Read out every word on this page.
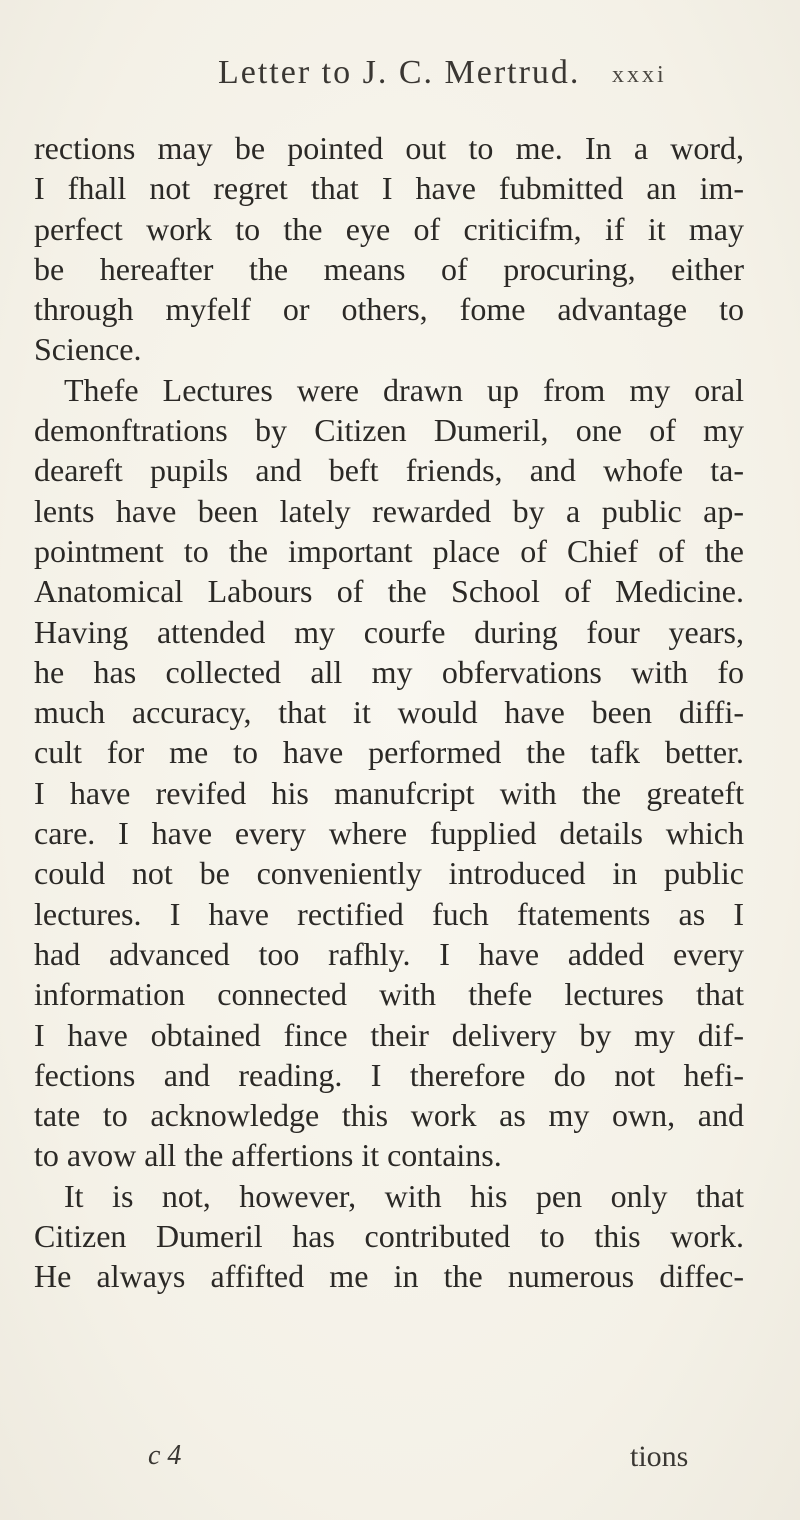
Letter to J. C. Mertrud. xxxi
rections may be pointed out to me. In a word,
I fhall not regret that I have fubmitted an im-
perfect work to the eye of criticifm, if it may
be hereafter the means of procuring, either
through myfelf or others, fome advantage to
Science.
Thefe Lectures were drawn up from my oral
demonftrations by Citizen Dumeril, one of my
deareft pupils and beft friends, and whofe ta-
lents have been lately rewarded by a public ap-
pointment to the important place of Chief of the
Anatomical Labours of the School of Medicine.
Having attended my courfe during four years,
he has collected all my obfervations with fo
much accuracy, that it would have been diffi-
cult for me to have performed the tafk better.
I have revifed his manufcript with the greateft
care. I have every where fupplied details which
could not be conveniently introduced in public
lectures. I have rectified fuch ftatements as I
had advanced too rafhly. I have added every
information connected with thefe lectures that
I have obtained fince their delivery by my dif-
fections and reading. I therefore do not hefi-
tate to acknowledge this work as my own, and
to avow all the affertions it contains.
It is not, however, with his pen only that
Citizen Dumeril has contributed to this work.
He always affifted me in the numerous diffec-
c 4	tions
